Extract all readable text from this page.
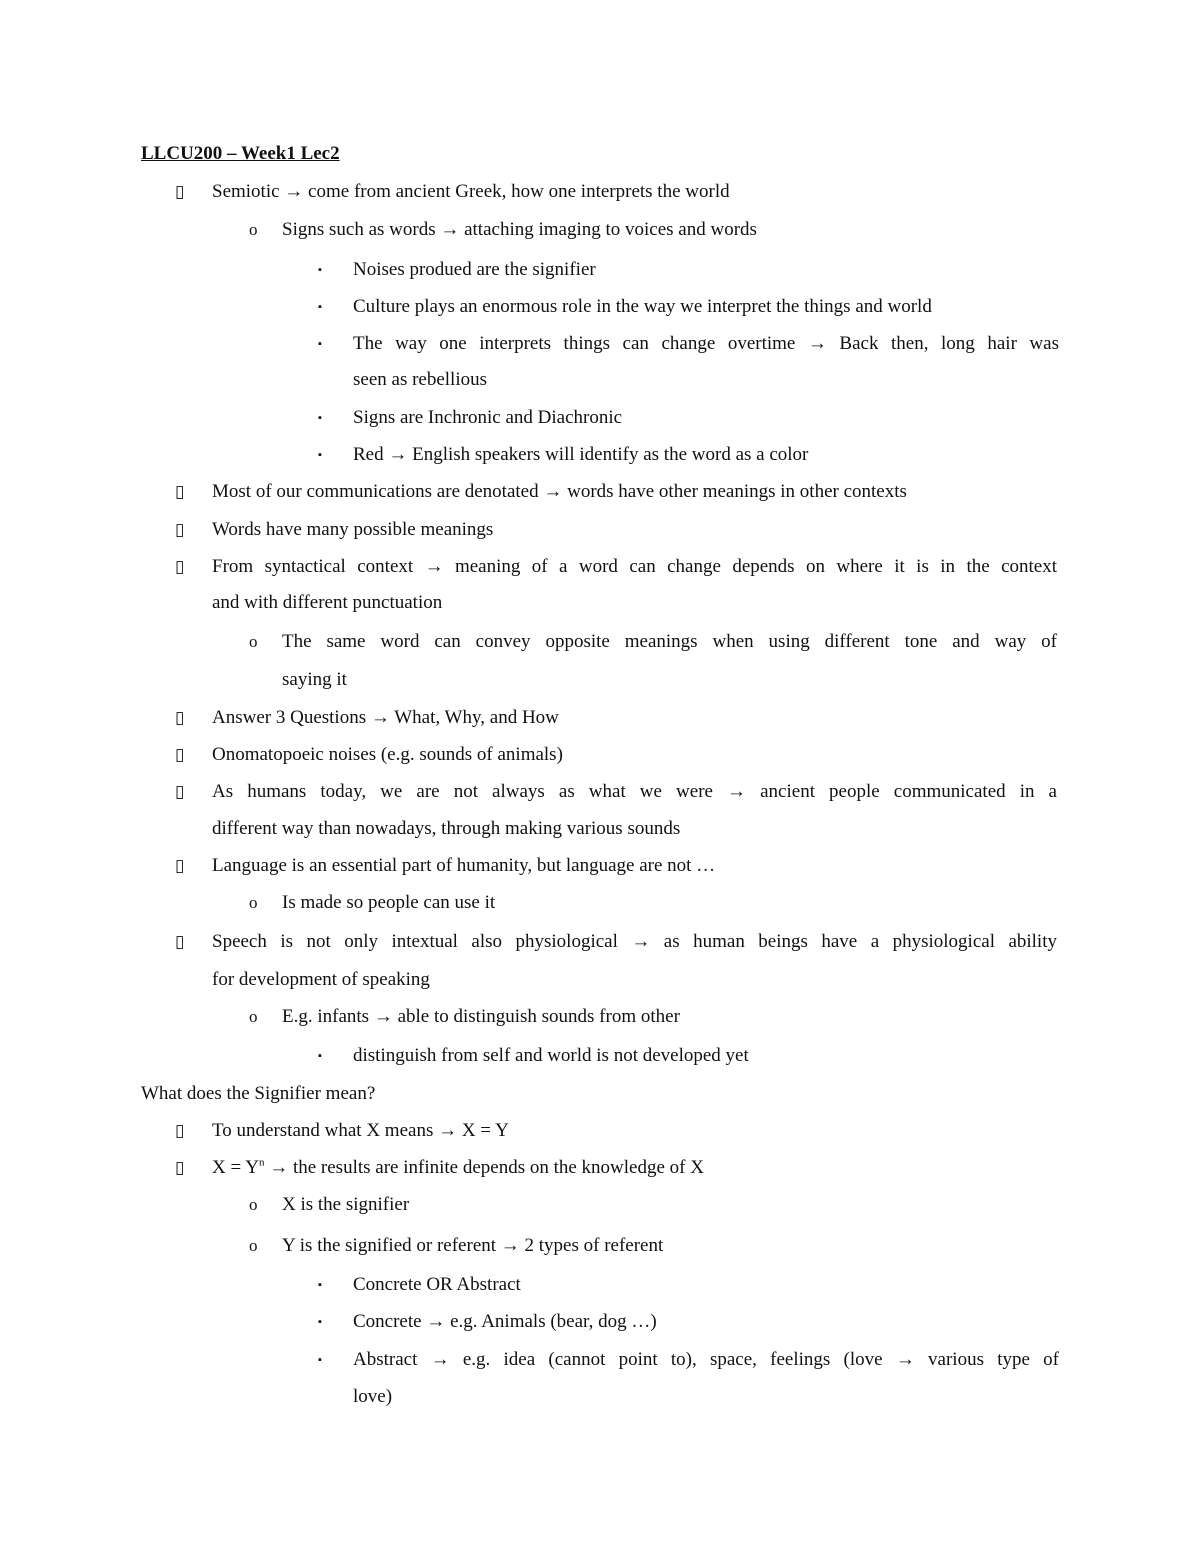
LLCU200 – Week1 Lec2
▯ Semiotic → come from ancient Greek, how one interprets the world
o Signs such as words → attaching imaging to voices and words
▪ Noises produed are the signifier
▪ Culture plays an enormous role in the way we interpret the things and world
▪ The way one interprets things can change overtime → Back then, long hair was
seen as rebellious
▪ Signs are Inchronic and Diachronic
▪ Red → English speakers will identify as the word as a color
▯ Most of our communications are denotated → words have other meanings in other contexts
▯ Words have many possible meanings
▯ From syntactical context → meaning of a word can change depends on where it is in the context
and with different punctuation
o The same word can convey opposite meanings when using different tone and way of
saying it
▯ Answer 3 Questions → What, Why, and How
▯ Onomatopoeic noises (e.g. sounds of animals)
▯ As humans today, we are not always as what we were → ancient people communicated in a
different way than nowadays, through making various sounds
▯ Language is an essential part of humanity, but language are not …
o Is made so people can use it
▯ Speech is not only intextual also physiological → as human beings have a physiological ability
for development of speaking
o E.g. infants → able to distinguish sounds from other
▪ distinguish from self and world is not developed yet
What does the Signifier mean?
▯ To understand what X means → X = Y
▯ $X = Y^n$ → the results are infinite depends on the knowledge of X
o X is the signifier
o Y is the signified or referent → 2 types of referent
▪ Concrete OR Abstract
▪ Concrete → e.g. Animals (bear, dog …)
▪ Abstract → e.g. idea (cannot point to), space, feelings (love → various type of
love)
